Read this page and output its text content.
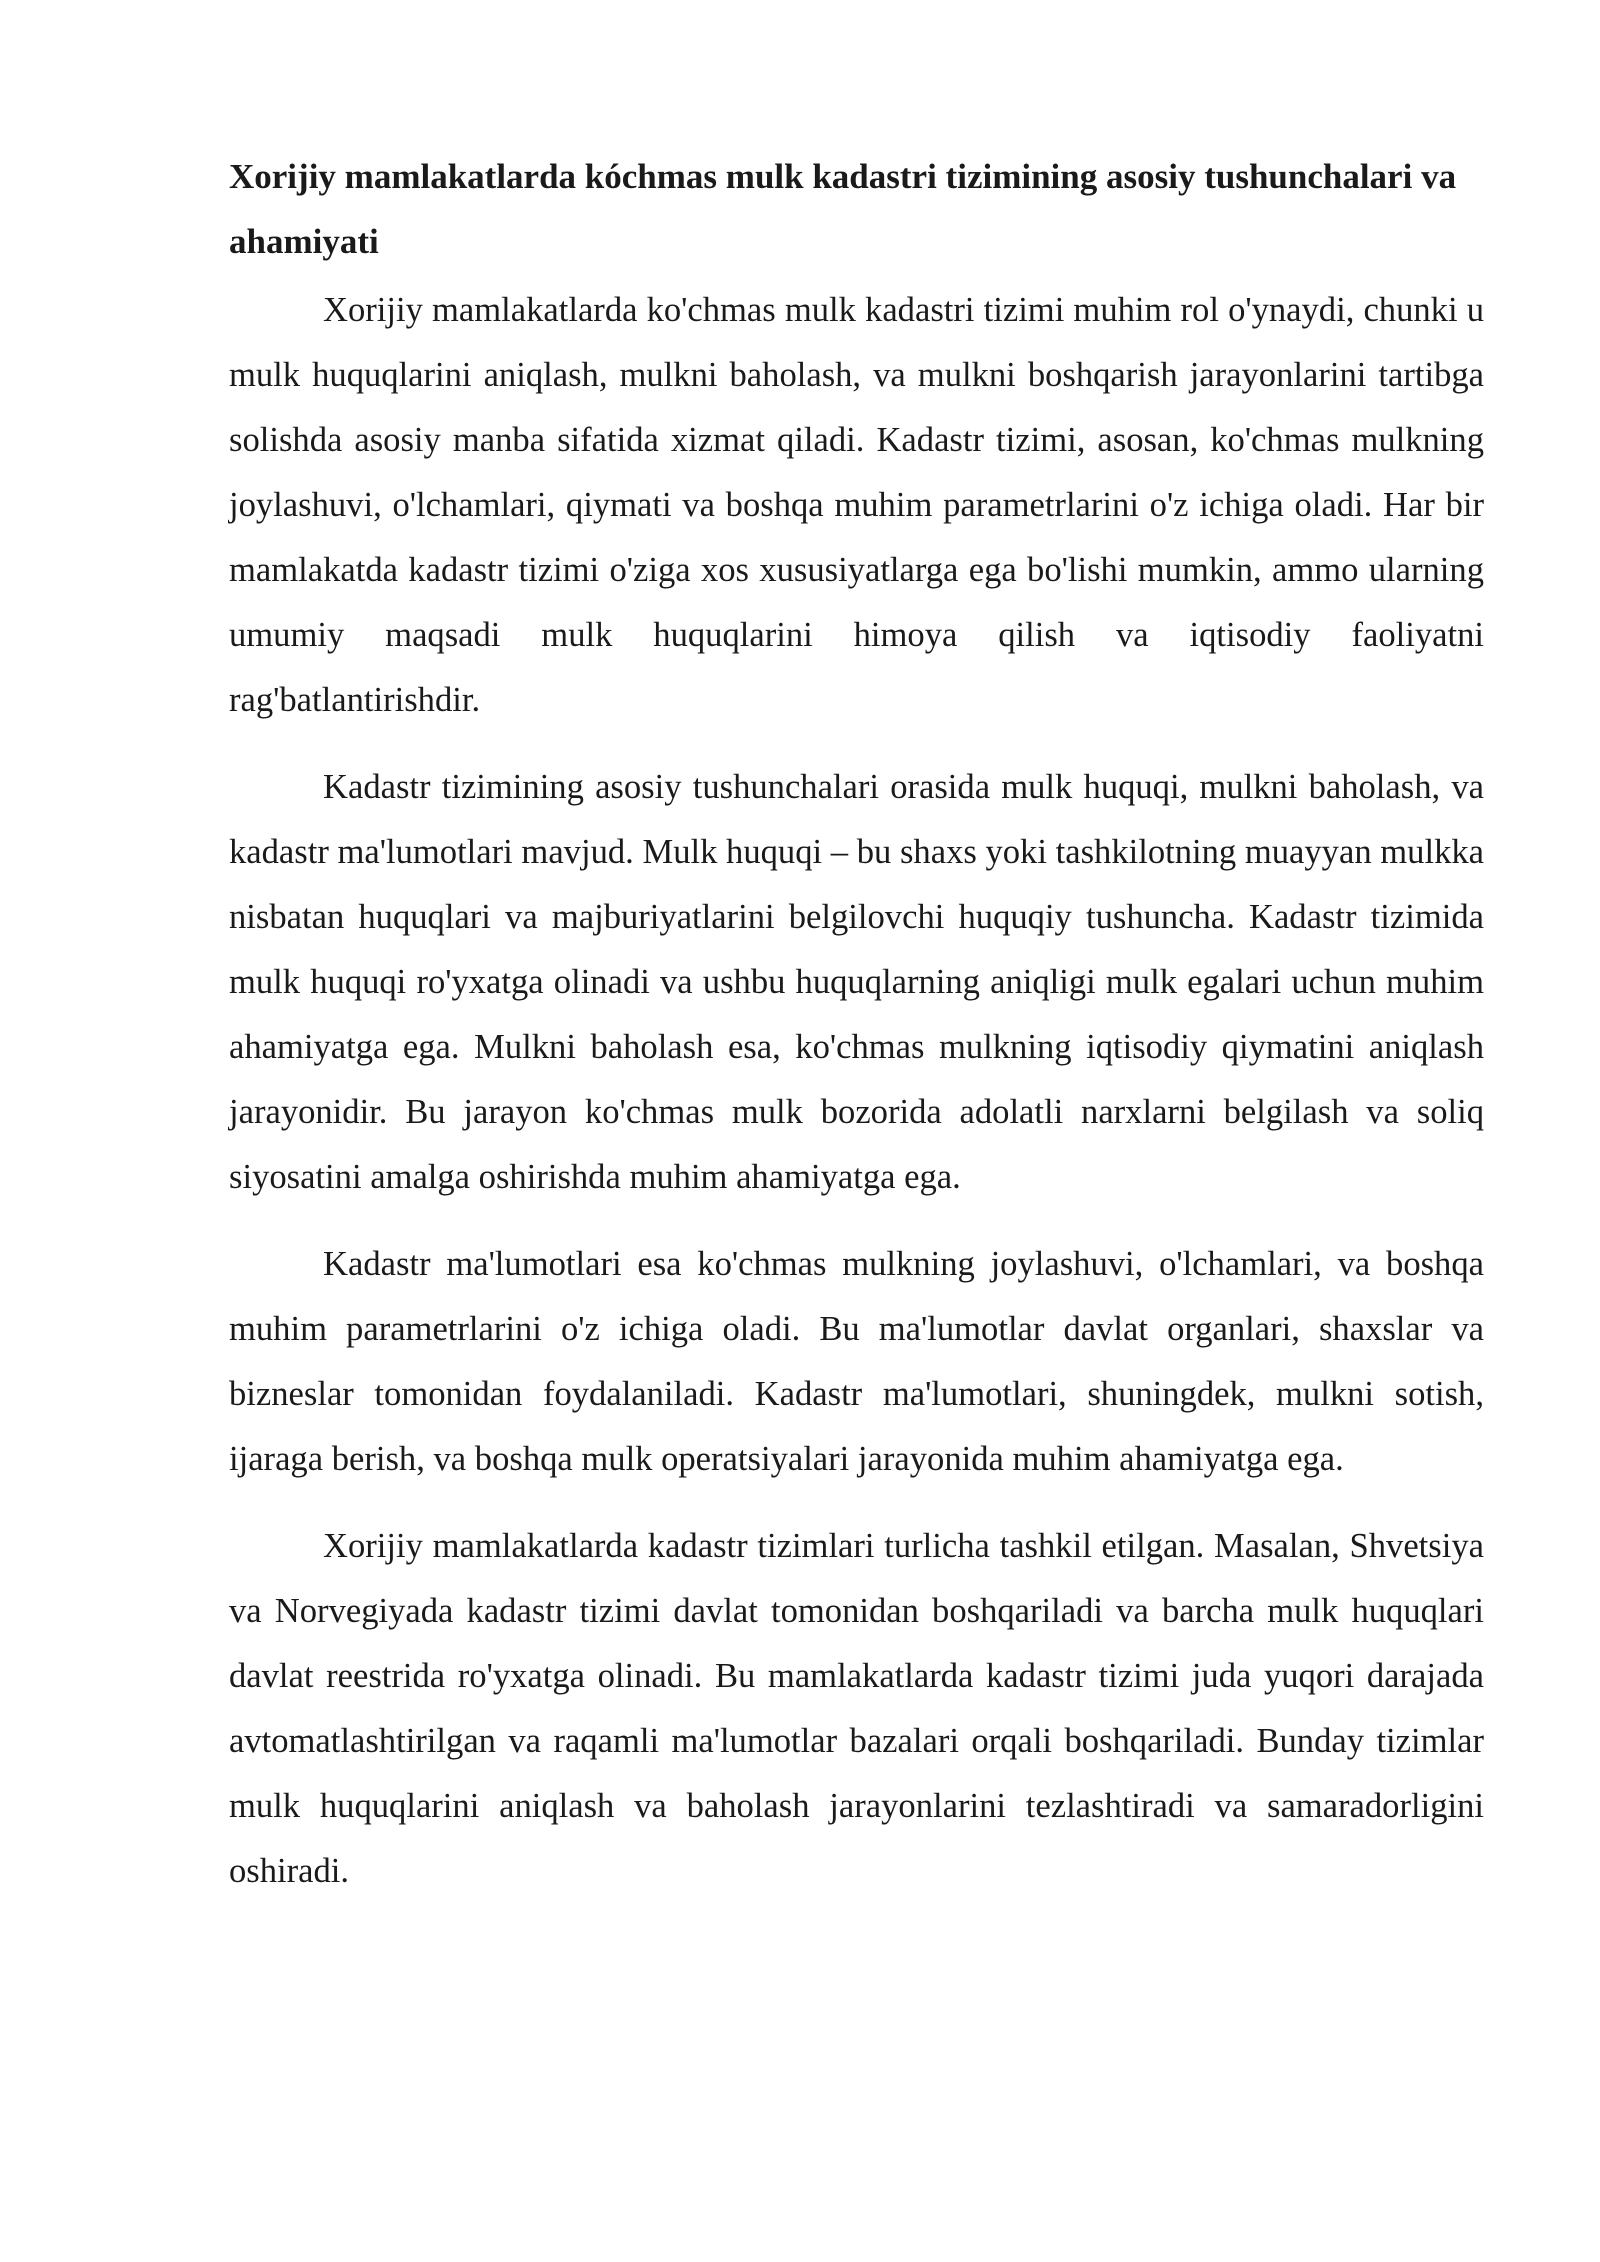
Xorijiy mamlakatlarda kóchmas mulk kadastri tizimining asosiy tushunchalari va ahamiyati

Xorijiy mamlakatlarda ko'chmas mulk kadastri tizimi muhim rol o'ynaydi, chunki u mulk huquqlarini aniqlash, mulkni baholash, va mulkni boshqarish jarayonlarini tartibga solishda asosiy manba sifatida xizmat qiladi. Kadastr tizimi, asosan, ko'chmas mulkning joylashuvi, o'lchamlari, qiymati va boshqa muhim parametrlarini o'z ichiga oladi. Har bir mamlakatda kadastr tizimi o'ziga xos xususiyatlarga ega bo'lishi mumkin, ammo ularning umumiy maqsadi mulk huquqlarini himoya qilish va iqtisodiy faoliyatni rag'batlantirishdir.

Kadastr tizimining asosiy tushunchalari orasida mulk huquqi, mulkni baholash, va kadastr ma'lumotlari mavjud. Mulk huquqi – bu shaxs yoki tashkilotning muayyan mulkka nisbatan huquqlari va majburiyatlarini belgilovchi huquqiy tushuncha. Kadastr tizimida mulk huquqi ro'yxatga olinadi va ushbu huquqlarning aniqligi mulk egalari uchun muhim ahamiyatga ega. Mulkni baholash esa, ko'chmas mulkning iqtisodiy qiymatini aniqlash jarayonidir. Bu jarayon ko'chmas mulk bozorida adolatli narxlarni belgilash va soliq siyosatini amalga oshirishda muhim ahamiyatga ega.

Kadastr ma'lumotlari esa ko'chmas mulkning joylashuvi, o'lchamlari, va boshqa muhim parametrlarini o'z ichiga oladi. Bu ma'lumotlar davlat organlari, shaxslar va bizneslar tomonidan foydalaniladi. Kadastr ma'lumotlari, shuningdek, mulkni sotish, ijaraga berish, va boshqa mulk operatsiyalari jarayonida muhim ahamiyatga ega.

Xorijiy mamlakatlarda kadastr tizimlari turlicha tashkil etilgan. Masalan, Shvetsiya va Norvegiyada kadastr tizimi davlat tomonidan boshqariladi va barcha mulk huquqlari davlat reestrida ro'yxatga olinadi. Bu mamlakatlarda kadastr tizimi juda yuqori darajada avtomatlashtirilgan va raqamli ma'lumotlar bazalari orqali boshqariladi. Bunday tizimlar mulk huquqlarini aniqlash va baholash jarayonlarini tezlashtiradi va samaradorligini oshiradi.
